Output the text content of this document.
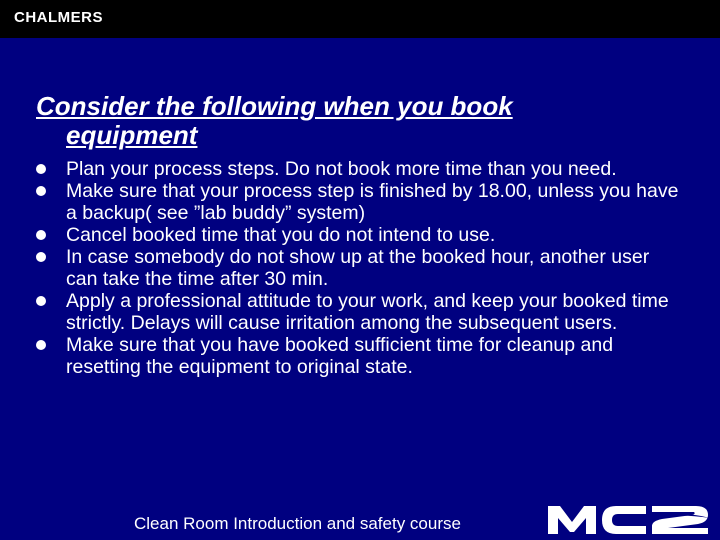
CHALMERS
Consider the following when you book
equipment
Plan your process steps. Do not book more time than you need.
Make sure that your process step is finished by 18.00, unless you have a backup( see ”lab buddy” system)
Cancel booked time that you do not intend to use.
In case somebody do not show up at the booked hour, another user can take the time after 30 min.
Apply a professional attitude to your work, and keep your booked time strictly. Delays will cause irritation among the subsequent users.
Make sure that you have booked sufficient time for cleanup and resetting the equipment to original state.
Clean Room Introduction and safety course
